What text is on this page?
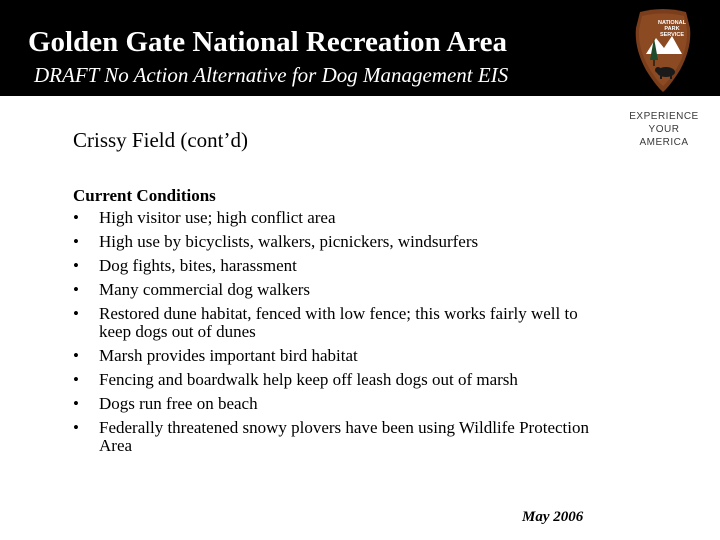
Golden Gate National Recreation Area
DRAFT No Action Alternative for Dog Management EIS
NATIONAL
PARK
SERVICE
EXPERIENCE
YOUR
AMERICA
Crissy Field (cont’d)
Current Conditions
•	High visitor use; high conflict area
•	High use by bicyclists, walkers, picnickers, windsurfers
•	Dog fights, bites, harassment
•	Many commercial dog walkers
•	Restored dune habitat, fenced with low fence; this works fairly well to keep dogs out of dunes
•	Marsh provides important bird habitat
•	Fencing and boardwalk help keep off leash dogs out of marsh
•	Dogs run free on beach
•	Federally threatened snowy plovers have been using Wildlife Protection Area
May 2006
